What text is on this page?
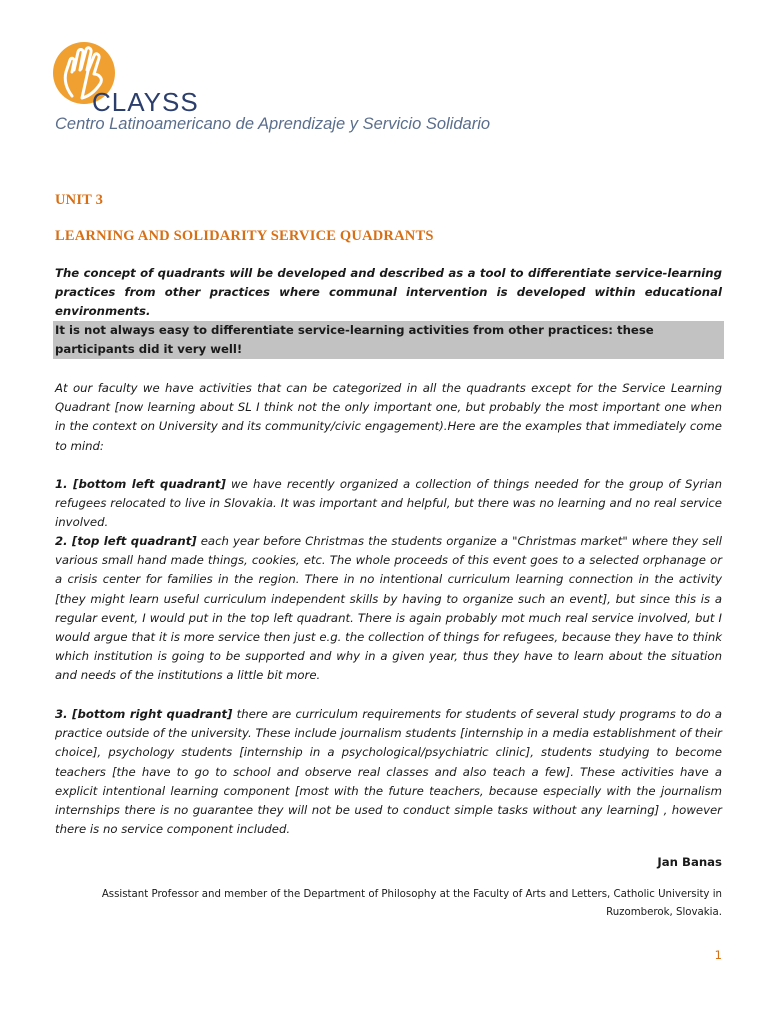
CLAYSS
Centro Latinoamericano de Aprendizaje y Servicio Solidario
UNIT 3
LEARNING AND SOLIDARITY SERVICE QUADRANTS

The concept of quadrants will be developed and described as a tool to differentiate service-learning practices from other practices where communal intervention is developed within educational environments.

It is not always easy to differentiate service-learning activities from other practices: these participants did it very well!

At our faculty we have activities that can be categorized in all the quadrants except for the Service Learning Quadrant [now learning about SL I think not the only important one, but probably the most important one when in the context on University and its community/civic engagement).Here are the examples that immediately come to mind:

1. [bottom left quadrant] we have recently organized a collection of things needed for the group of Syrian refugees relocated to live in Slovakia. It was important and helpful, but there was no learning and no real service involved.

2. [top left quadrant] each year before Christmas the students organize a "Christmas market" where they sell various small hand made things, cookies, etc. The whole proceeds of this event goes to a selected orphanage or a crisis center for families in the region. There in no intentional curriculum learning connection in the activity [they might learn useful curriculum independent skills by having to organize such an event], but since this is a regular event, I would put in the top left quadrant. There is again probably mot much real service involved, but I would argue that it is more service then just e.g. the collection of things for refugees, because they have to think which institution is going to be supported and why in a given year, thus they have to learn about the situation and needs of the institutions a little bit more.

3. [bottom right quadrant] there are curriculum requirements for students of several study programs to do a practice outside of the university. These include journalism students [internship in a media establishment of their choice], psychology students [internship in a psychological/psychiatric clinic], students studying to become teachers [the have to go to school and observe real classes and also teach a few]. These activities have a explicit intentional learning component [most with the future teachers, because especially with the journalism internships there is no guarantee they will not be used to conduct simple tasks without any learning] , however there is no service component included.

Jan Banas
Assistant Professor and member of the Department of Philosophy at the Faculty of Arts and Letters, Catholic University in Ruzomberok, Slovakia.
1
